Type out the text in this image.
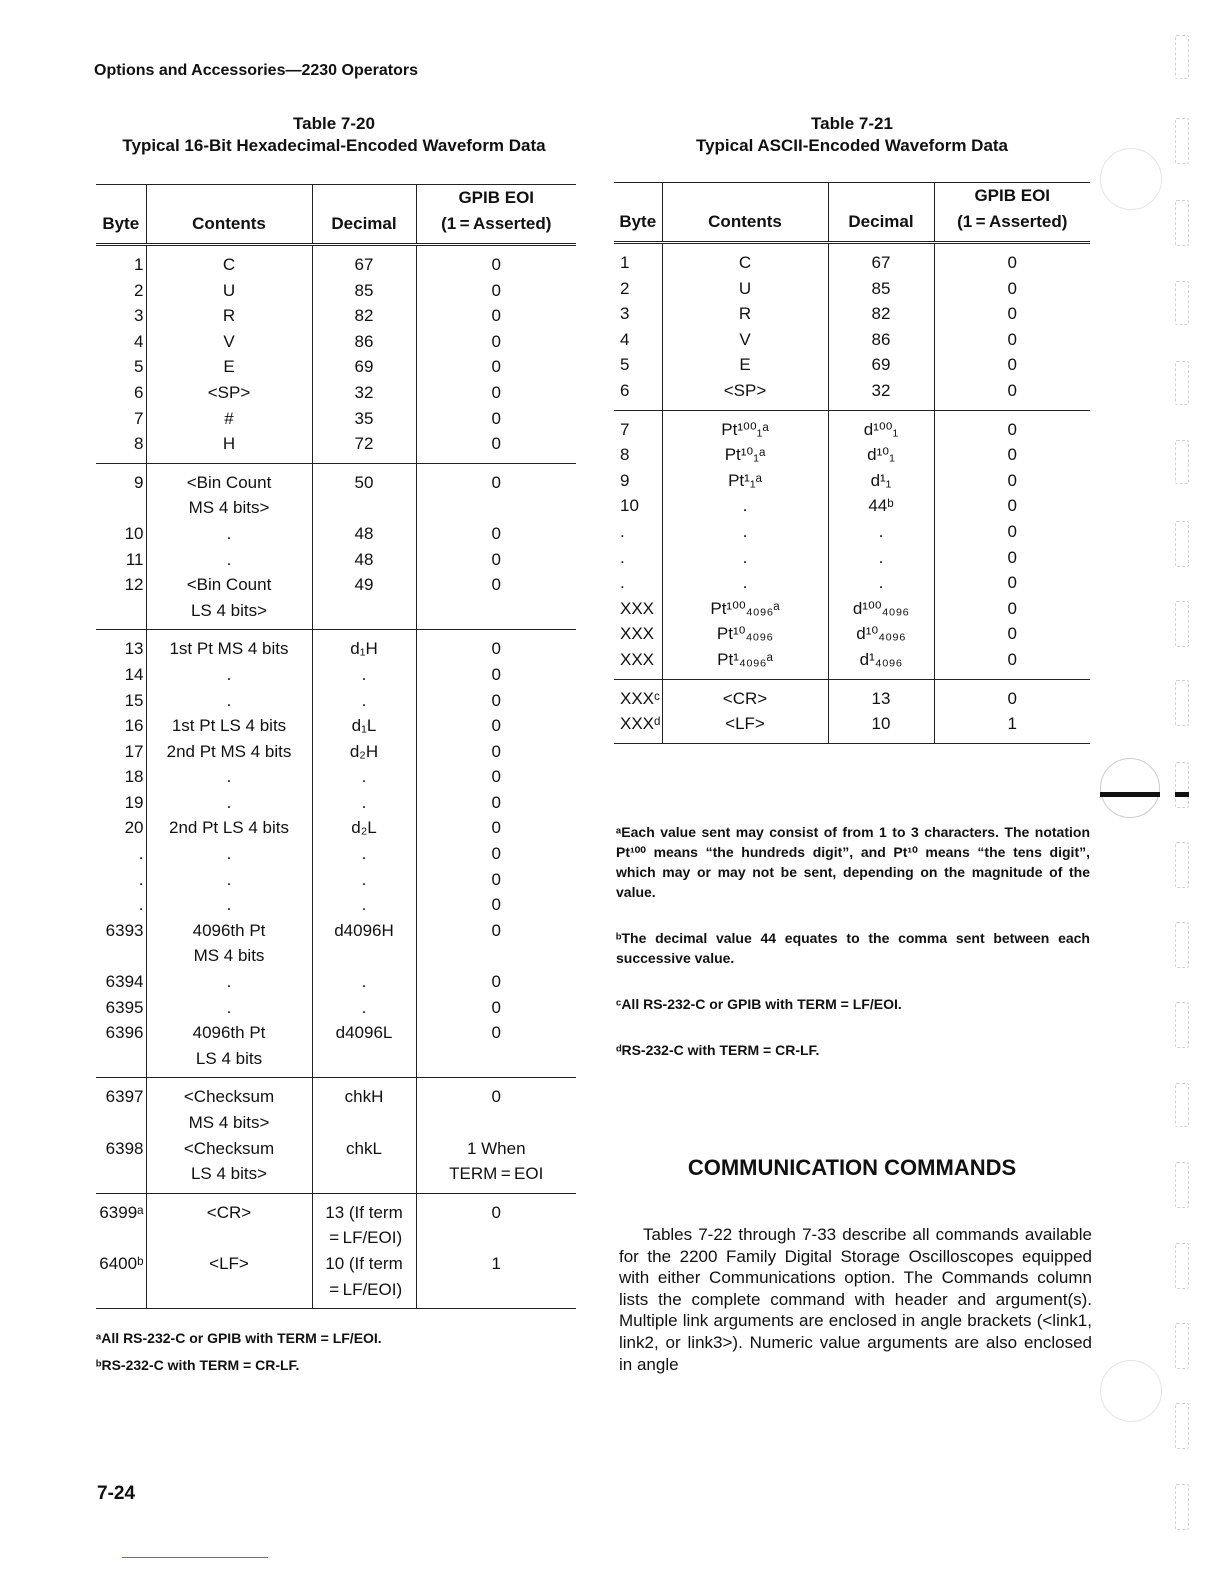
Options and Accessories—2230 Operators
Table 7-20
Typical 16-Bit Hexadecimal-Encoded Waveform Data
Byte	Contents	Decimal	GPIB EOI
(1 = Asserted)

1	C	67	0
2	U	85	0
3	R	82	0
4	V	86	0
5	E	69	0
6	<SP>	32	0
7	#	35	0
8	H	72	0

9	<Bin Count	50	0
	MS 4 bits>		
10	.	48	0
11	.	48	0
12	<Bin Count	49	0
	LS 4 bits>		

13	1st Pt MS 4 bits	d₁H	0
14	.	.	0
15	.	.	0
16	1st Pt LS 4 bits	d₁L	0
17	2nd Pt MS 4 bits	d₂H	0
18	.	.	0
19	.	.	0
20	2nd Pt LS 4 bits	d₂L	0
.	.	.	0
.	.	.	0
.	.	.	0
6393	4096th Pt	d4096H	0
	MS 4 bits		
6394	.	.	0
6395	.	.	0
6396	4096th Pt	d4096L	0
	LS 4 bits		

6397	<Checksum	chkH	0
	MS 4 bits>		
6398	<Checksum	chkL	1 When
	LS 4 bits>		TERM = EOI

6399ᵃ	<CR>	13 (If term	0
		 = LF/EOI)	
6400ᵇ	<LF>	10 (If term	1
		 = LF/EOI)	

Table 7-21
Typical ASCII-Encoded Waveform Data
Byte	Contents	Decimal	GPIB EOI
(1 = Asserted)

1	C	67	0
2	U	85	0
3	R	82	0
4	V	86	0
5	E	69	0
6	<SP>	32	0

7	Pt¹⁰⁰₁ᵃ	d¹⁰⁰₁	0
8	Pt¹⁰₁ᵃ	d¹⁰₁	0
9	Pt¹₁ᵃ	d¹₁	0
10	.	44ᵇ	0
.	.	.	0
.	.	.	0
.	.	.	0
XXX	Pt¹⁰⁰₄₀₉₆ᵃ	d¹⁰⁰₄₀₉₆	0
XXX	Pt¹⁰₄₀₉₆	d¹⁰₄₀₉₆	0
XXX	Pt¹₄₀₉₆ᵃ	d¹₄₀₉₆	0

XXXᶜ	<CR>	13	0
XXXᵈ	<LF>	10	1

ᵃAll RS-232-C or GPIB with TERM = LF/EOI.

ᵇRS-232-C with TERM = CR-LF.

ᵃEach value sent may consist of from 1 to 3 characters. The notation Pt¹⁰⁰ means “the hundreds digit”, and Pt¹⁰ means “the tens digit”, which may or may not be sent, depending on the magnitude of the value.

ᵇThe decimal value 44 equates to the comma sent between each successive value.

ᶜAll RS-232-C or GPIB with TERM = LF/EOI.

ᵈRS-232-C with TERM = CR-LF.

COMMUNICATION COMMANDS

Tables 7-22 through 7-33 describe all commands available for the 2200 Family Digital Storage Oscilloscopes equipped with either Communications option. The Commands column lists the complete command with header and argument(s). Multiple link arguments are enclosed in angle brackets (<link1, link2, or link3>). Numeric value arguments are also enclosed in angle

7-24
